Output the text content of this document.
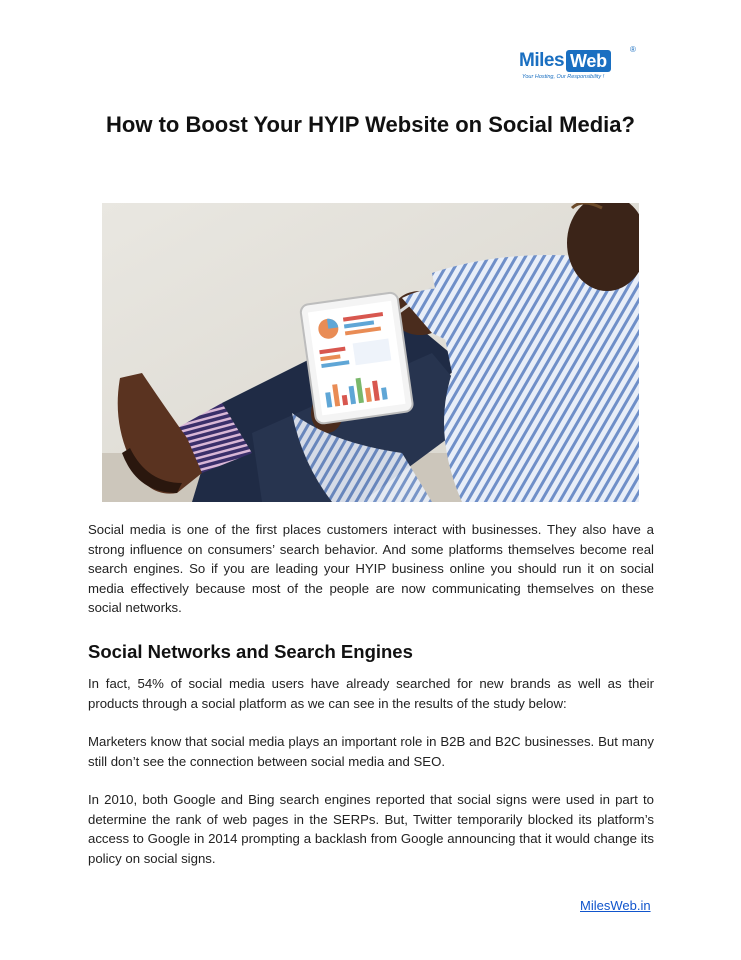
Miles Web
®
Your Hosting, Our Responsibility !
How to Boost Your HYIP Website on Social Media?

Social media is one of the first places customers interact with businesses. They also have a strong influence on consumers’ search behavior. And some platforms themselves become real search engines. So if you are leading your HYIP business online you should run it on social media effectively because most of the people are now communicating themselves on these social networks.

Social Networks and Search Engines

In fact, 54% of social media users have already searched for new brands as well as their products through a social platform as we can see in the results of the study below:

Marketers know that social media plays an important role in B2B and B2C businesses. But many still don’t see the connection between social media and SEO.

In 2010, both Google and Bing search engines reported that social signs were used in part to determine the rank of web pages in the SERPs. But, Twitter temporarily blocked its platform’s access to Google in 2014 prompting a backlash from Google announcing that it would change its policy on social signs.

MilesWeb.in
